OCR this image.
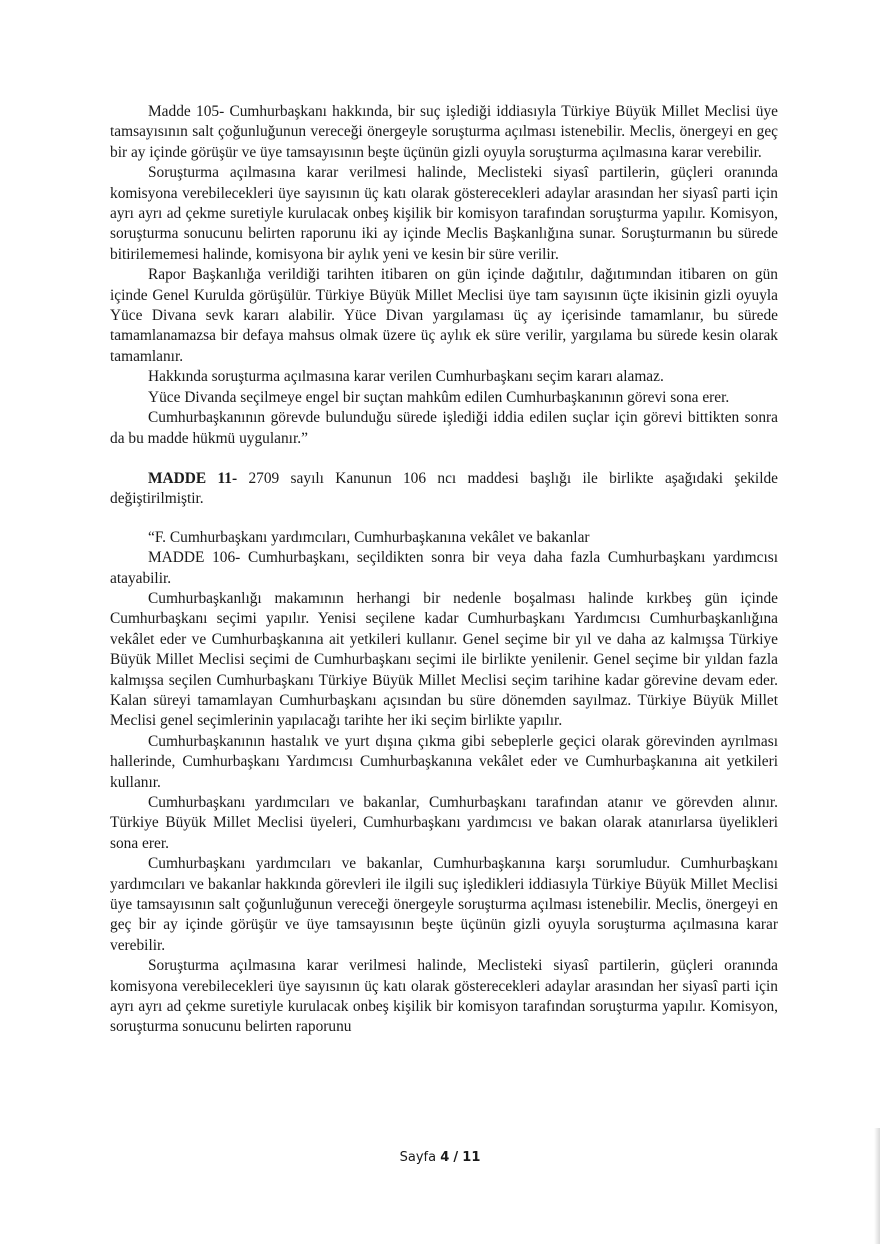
Madde 105- Cumhurbaşkanı hakkında, bir suç işlediği iddiasıyla Türkiye Büyük Millet Meclisi üye tamsayısının salt çoğunluğunun vereceği önergeyle soruşturma açılması istenebilir. Meclis, önergeyi en geç bir ay içinde görüşür ve üye tamsayısının beşte üçünün gizli oyuyla soruşturma açılmasına karar verebilir.

Soruşturma açılmasına karar verilmesi halinde, Meclisteki siyasî partilerin, güçleri oranında komisyona verebilecekleri üye sayısının üç katı olarak gösterecekleri adaylar arasından her siyasî parti için ayrı ayrı ad çekme suretiyle kurulacak onbeş kişilik bir komisyon tarafından soruşturma yapılır. Komisyon, soruşturma sonucunu belirten raporunu iki ay içinde Meclis Başkanlığına sunar. Soruşturmanın bu sürede bitirilememesi halinde, komisyona bir aylık yeni ve kesin bir süre verilir.

Rapor Başkanlığa verildiği tarihten itibaren on gün içinde dağıtılır, dağıtımından itibaren on gün içinde Genel Kurulda görüşülür. Türkiye Büyük Millet Meclisi üye tam sayısının üçte ikisinin gizli oyuyla Yüce Divana sevk kararı alabilir. Yüce Divan yargılaması üç ay içerisinde tamamlanır, bu sürede tamamlanamazsa bir defaya mahsus olmak üzere üç aylık ek süre verilir, yargılama bu sürede kesin olarak tamamlanır.

Hakkında soruşturma açılmasına karar verilen Cumhurbaşkanı seçim kararı alamaz.

Yüce Divanda seçilmeye engel bir suçtan mahkûm edilen Cumhurbaşkanının görevi sona erer.

Cumhurbaşkanının görevde bulunduğu sürede işlediği iddia edilen suçlar için görevi bittikten sonra da bu madde hükmü uygulanır.”

MADDE 11- 2709 sayılı Kanunun 106 ncı maddesi başlığı ile birlikte aşağıdaki şekilde değiştirilmiştir.

“F. Cumhurbaşkanı yardımcıları, Cumhurbaşkanına vekâlet ve bakanlar

MADDE 106- Cumhurbaşkanı, seçildikten sonra bir veya daha fazla Cumhurbaşkanı yardımcısı atayabilir.

Cumhurbaşkanlığı makamının herhangi bir nedenle boşalması halinde kırkbeş gün içinde Cumhurbaşkanı seçimi yapılır. Yenisi seçilene kadar Cumhurbaşkanı Yardımcısı Cumhurbaşkanlığına vekâlet eder ve Cumhurbaşkanına ait yetkileri kullanır. Genel seçime bir yıl ve daha az kalmışsa Türkiye Büyük Millet Meclisi seçimi de Cumhurbaşkanı seçimi ile birlikte yenilenir. Genel seçime bir yıldan fazla kalmışsa seçilen Cumhurbaşkanı Türkiye Büyük Millet Meclisi seçim tarihine kadar görevine devam eder. Kalan süreyi tamamlayan Cumhurbaşkanı açısından bu süre dönemden sayılmaz. Türkiye Büyük Millet Meclisi genel seçimlerinin yapılacağı tarihte her iki seçim birlikte yapılır.

Cumhurbaşkanının hastalık ve yurt dışına çıkma gibi sebeplerle geçici olarak görevinden ayrılması hallerinde, Cumhurbaşkanı Yardımcısı Cumhurbaşkanına vekâlet eder ve Cumhurbaşkanına ait yetkileri kullanır.

Cumhurbaşkanı yardımcıları ve bakanlar, Cumhurbaşkanı tarafından atanır ve görevden alınır. Türkiye Büyük Millet Meclisi üyeleri, Cumhurbaşkanı yardımcısı ve bakan olarak atanırlarsa üyelikleri sona erer.

Cumhurbaşkanı yardımcıları ve bakanlar, Cumhurbaşkanına karşı sorumludur. Cumhurbaşkanı yardımcıları ve bakanlar hakkında görevleri ile ilgili suç işledikleri iddiasıyla Türkiye Büyük Millet Meclisi üye tamsayısının salt çoğunluğunun vereceği önergeyle soruşturma açılması istenebilir. Meclis, önergeyi en geç bir ay içinde görüşür ve üye tamsayısının beşte üçünün gizli oyuyla soruşturma açılmasına karar verebilir.

Soruşturma açılmasına karar verilmesi halinde, Meclisteki siyasî partilerin, güçleri oranında komisyona verebilecekleri üye sayısının üç katı olarak gösterecekleri adaylar arasından her siyasî parti için ayrı ayrı ad çekme suretiyle kurulacak onbeş kişilik bir komisyon tarafından soruşturma yapılır. Komisyon, soruşturma sonucunu belirten raporunu

Sayfa 4 / 11
